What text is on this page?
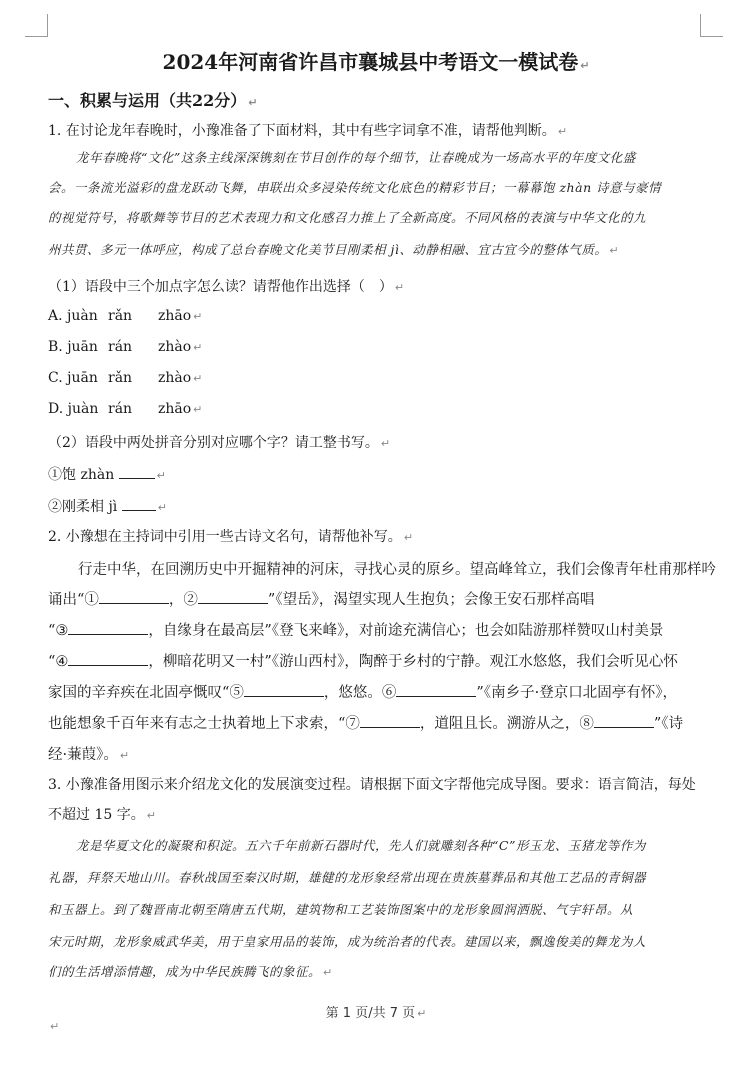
2024年河南省许昌市襄城县中考语文一模试卷 ↵
一、积累与运用（共22分） ↵
1. 在讨论龙年春晚时，小豫准备了下面材料，其中有些字词拿不准，请帮他判断。 ↵
龙年春晚将“文化”这条主线深深镌刻在节目创作的每个细节，让春晚成为一场高水平的年度文化盛
会。一条流光溢彩的盘龙跃动飞舞，串联出众多浸染传统文化底色的精彩节目；一幕幕饱 zhàn 诗意与豪情
的视觉符号，将歌舞等节目的艺术表现力和文化感召力推上了全新高度。不同风格的表演与中华文化的九
州共贯、多元一体呼应，构成了总台春晚文化美节目刚柔相 jì、动静相融、宜古宜今的整体气质。 ↵
（1）语段中三个加点字怎么读？请帮他作出选择（　） ↵
A. juàn rǎn zhāo ↵
B. juān rán zhào ↵
C. juān rǎn zhào ↵
D. juàn rán zhāo ↵
（2）语段中两处拼音分别对应哪个字？请工整书写。 ↵
①饱 zhàn	↵
②刚柔相 jì	↵
2. 小豫想在主持词中引用一些古诗文名句，请帮他补写。 ↵
行走中华，在回溯历史中开掘精神的河床，寻找心灵的原乡。望高峰耸立，我们会像青年杜甫那样吟
诵出“①	，②	”《望岳》，渴望实现人生抱负；会像王安石那样高唱
“③	，自缘身在最高层”《登飞来峰》，对前途充满信心；也会如陆游那样赞叹山村美景
“④	，柳暗花明又一村”《游山西村》，陶醉于乡村的宁静。观江水悠悠，我们会听见心怀
家国的辛弃疾在北固亭慨叹“⑤	，悠悠。⑥	”《南乡子·登京口北固亭有怀》，
也能想象千百年来有志之士执着地上下求索，“⑦	，道阻且长。溯游从之，⑧	”《诗
经·蒹葭》。 ↵
3. 小豫准备用图示来介绍龙文化的发展演变过程。请根据下面文字帮他完成导图。要求：语言简洁，每处
不超过 15 字。 ↵
龙是华夏文化的凝聚和积淀。五六千年前新石器时代，先人们就雕刻各种“C”形玉龙、玉猪龙等作为
礼器，拜祭天地山川。春秋战国至秦汉时期，雄健的龙形象经常出现在贵族墓葬品和其他工艺品的青铜器
和玉器上。到了魏晋南北朝至隋唐五代期，建筑物和工艺装饰图案中的龙形象圆润洒脱、气宇轩昂。从
宋元时期，龙形象威武华美，用于皇家用品的装饰，成为统治者的代表。建国以来，飘逸俊美的舞龙为人
们的生活增添情趣，成为中华民族腾飞的象征。 ↵
第 1 页/共 7 页 ↵
↵
